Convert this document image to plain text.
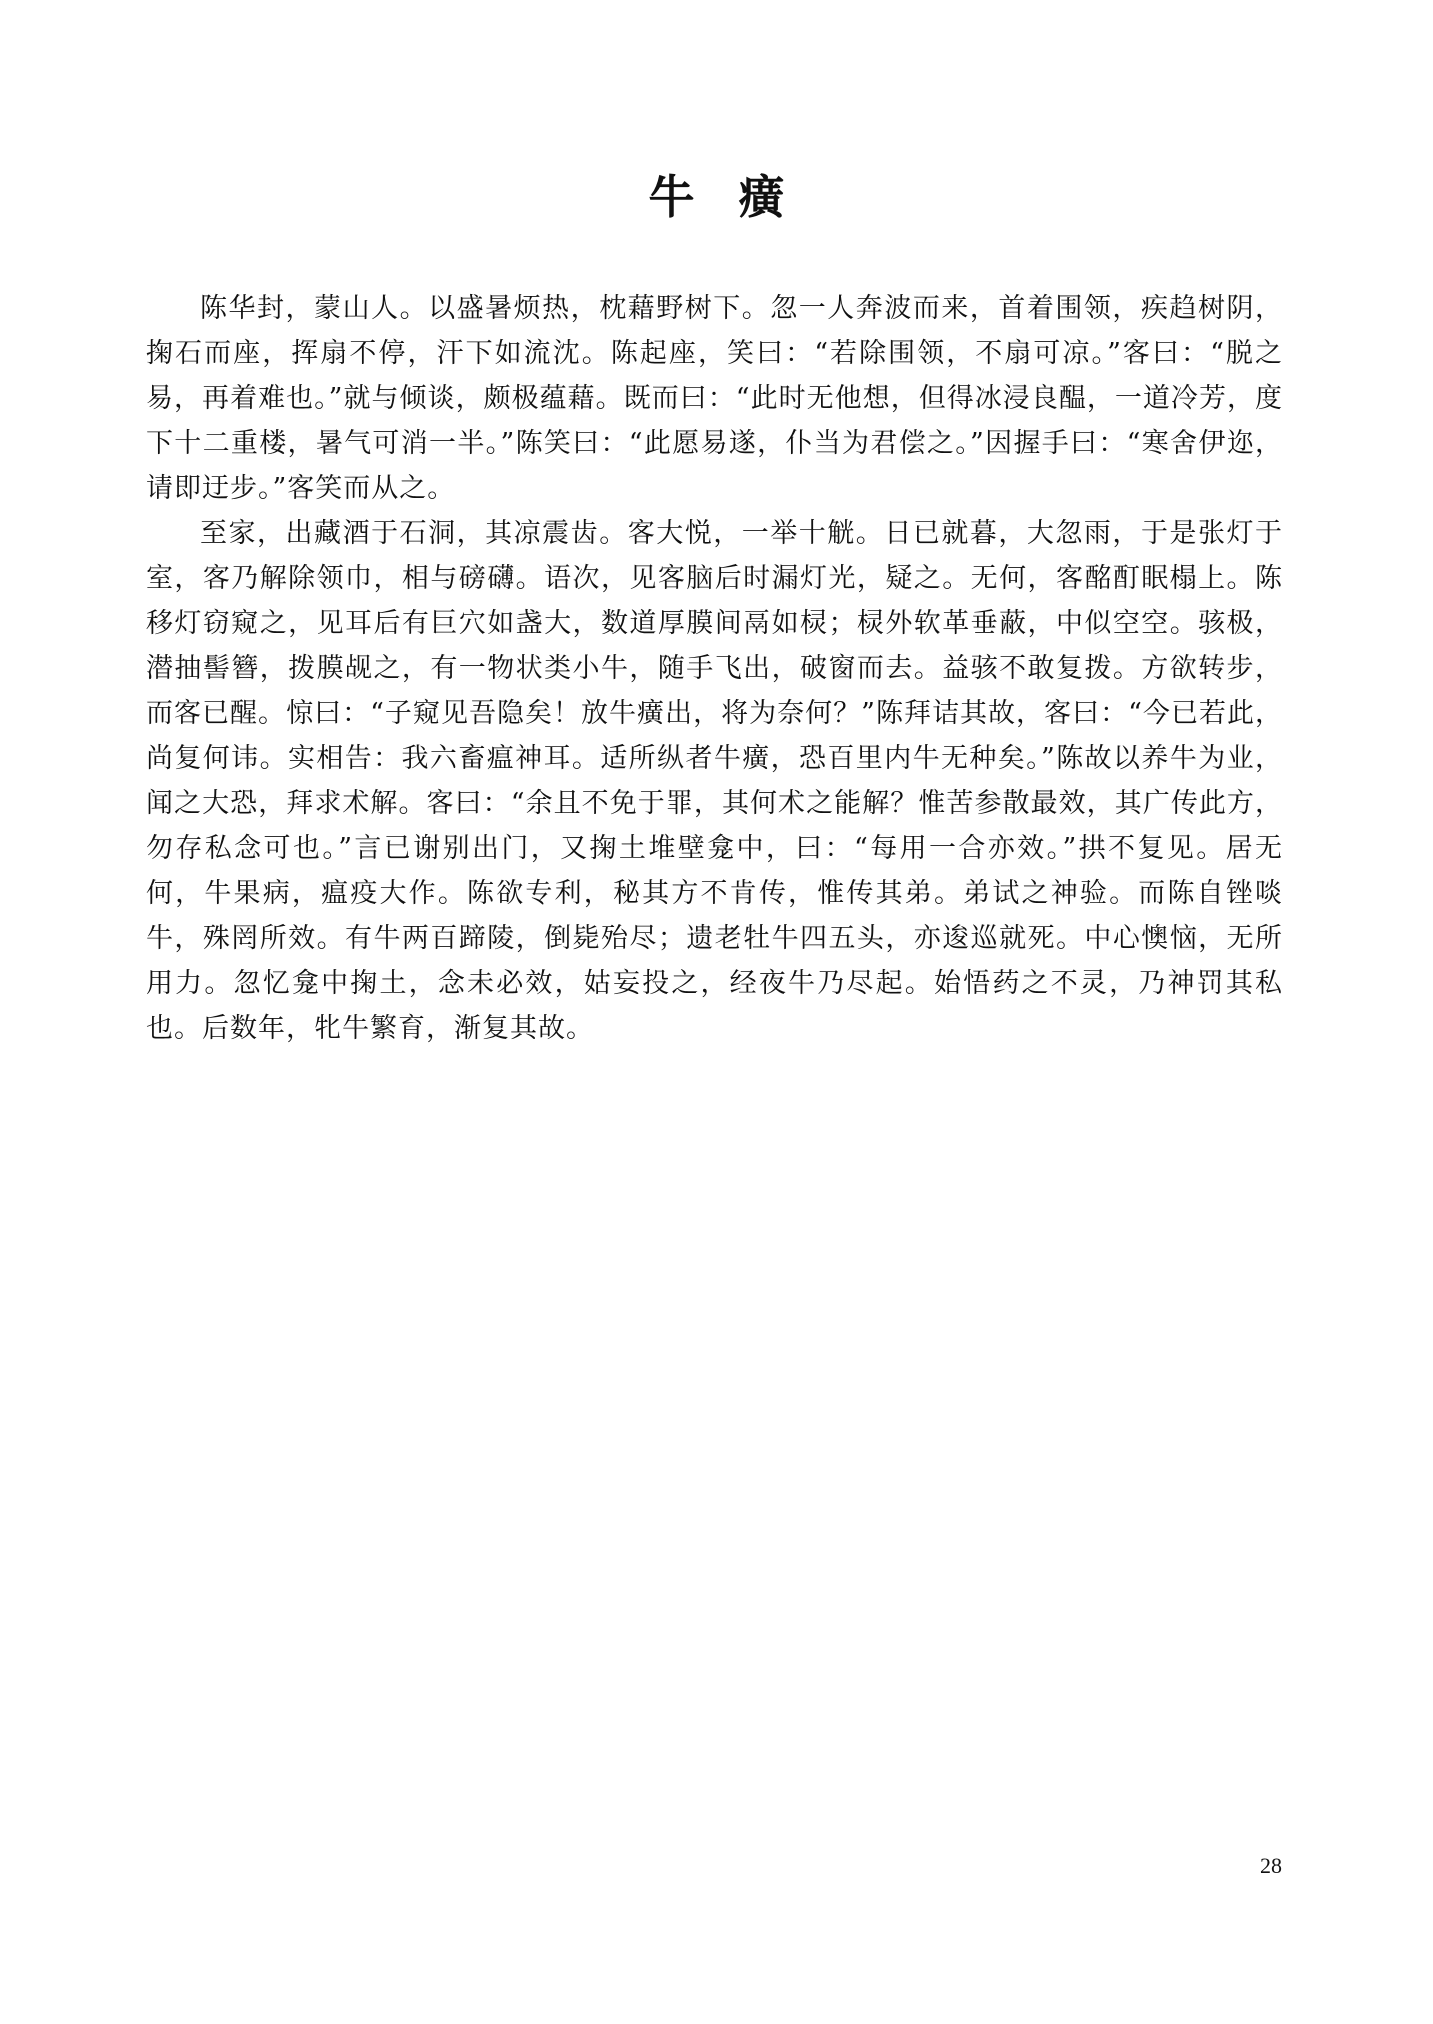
牛 癀

陈华封，蒙山人。以盛暑烦热，枕藉野树下。忽一人奔波而来，首着围领，疾趋树阴，掬石而座，挥扇不停，汗下如流沈。陈起座，笑曰：“若除围领，不扇可凉。”客曰：“脱之易，再着难也。”就与倾谈，颇极蕴藉。既而曰：“此时无他想，但得冰浸良醖，一道冷芳，度下十二重楼，暑气可消一半。”陈笑曰：“此愿易遂，仆当为君偿之。”因握手曰：“寒舍伊迩，请即迂步。”客笑而从之。

至家，出藏酒于石洞，其凉震齿。客大悦，一举十觥。日已就暮，大忽雨，于是张灯于室，客乃解除领巾，相与磅礴。语次，见客脑后时漏灯光，疑之。无何，客酩酊眠榻上。陈移灯窃窥之，见耳后有巨穴如盏大，数道厚膜间鬲如棂；棂外软革垂蔽，中似空空。骇极，潜抽髻簪，拨膜觇之，有一物状类小牛，随手飞出，破窗而去。益骇不敢复拨。方欲转步，而客已醒。惊曰：“子窥见吾隐矣！放牛癀出，将为奈何？”陈拜诘其故，客曰：“今已若此，尚复何讳。实相告：我六畜瘟神耳。适所纵者牛癀，恐百里内牛无种矣。”陈故以养牛为业，闻之大恐，拜求术解。客曰：“余且不免于罪，其何术之能解？惟苦参散最效，其广传此方，勿存私念可也。”言已谢别出门，又掬土堆壁龛中，曰：“每用一合亦效。”拱不复见。居无何，牛果病，瘟疫大作。陈欲专利，秘其方不肯传，惟传其弟。弟试之神验。而陈自锉啖牛，殊罔所效。有牛两百蹄陵，倒毙殆尽；遗老牡牛四五头，亦逡巡就死。中心懊恼，无所用力。忽忆龛中掬土，念未必效，姑妄投之，经夜牛乃尽起。始悟药之不灵，乃神罚其私也。后数年，牝牛繁育，渐复其故。

28
